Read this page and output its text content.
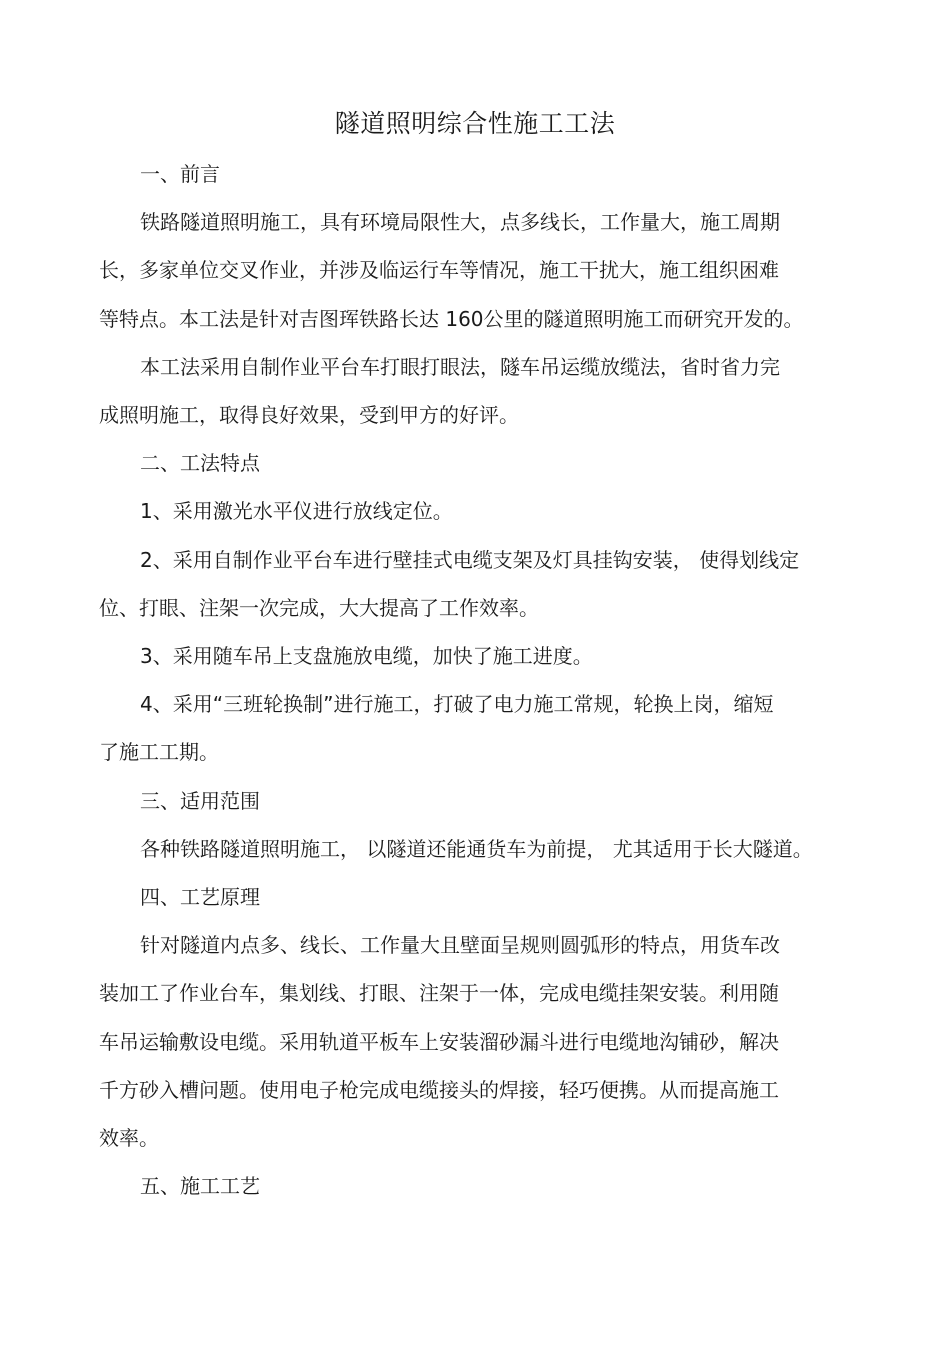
隧道照明综合性施工工法
一、前言
铁路隧道照明施工，具有环境局限性大，点多线长，工作量大，施工周期
长，多家单位交叉作业，并涉及临运行车等情况，施工干扰大，施工组织困难
等特点。本工法是针对吉图珲铁路长达 160公里的隧道照明施工而研究开发的。
本工法采用自制作业平台车打眼打眼法，隧车吊运缆放缆法，省时省力完
成照明施工，取得良好效果，受到甲方的好评。
二、工法特点
1、采用激光水平仪进行放线定位。
2、采用自制作业平台车进行壁挂式电缆支架及灯具挂钩安装， 使得划线定
位、打眼、注架一次完成，大大提高了工作效率。
3、采用随车吊上支盘施放电缆，加快了施工进度。
4、采用“三班轮换制”进行施工，打破了电力施工常规，轮换上岗，缩短
了施工工期。
三、适用范围
各种铁路隧道照明施工， 以隧道还能通货车为前提， 尤其适用于长大隧道。
四、工艺原理
针对隧道内点多、线长、工作量大且壁面呈规则圆弧形的特点，用货车改
装加工了作业台车，集划线、打眼、注架于一体，完成电缆挂架安装。利用随
车吊运输敷设电缆。采用轨道平板车上安装溜砂漏斗进行电缆地沟铺砂，解决
千方砂入槽问题。使用电子枪完成电缆接头的焊接，轻巧便携。从而提高施工
效率。
五、施工工艺
